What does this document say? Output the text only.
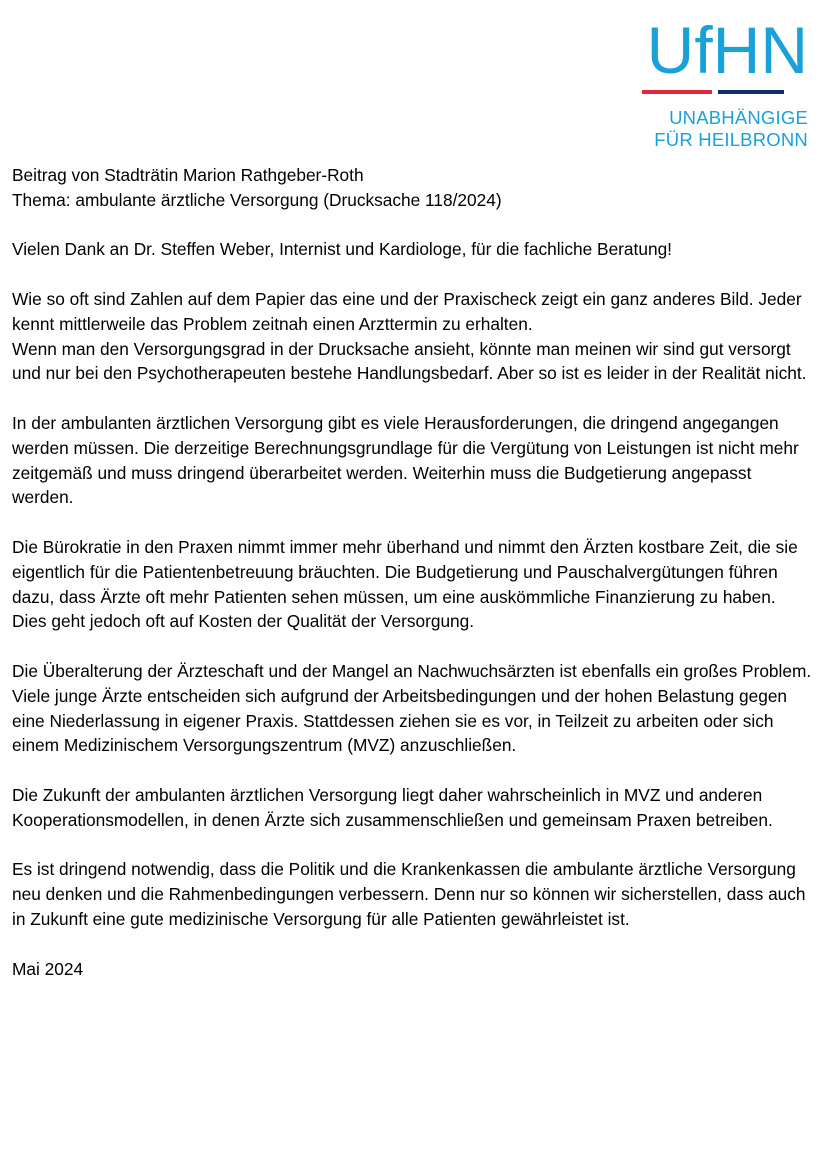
UfHN
UNABHÄNGIGE FÜR HEILBRONN
Beitrag von Stadträtin Marion Rathgeber-Roth
Thema: ambulante ärztliche Versorgung (Drucksache 118/2024)

Vielen Dank an Dr. Steffen Weber, Internist und Kardiologe, für die fachliche Beratung!

Wie so oft sind Zahlen auf dem Papier das eine und der Praxischeck zeigt ein ganz anderes Bild. Jeder kennt mittlerweile das Problem zeitnah einen Arzttermin zu erhalten.
Wenn man den Versorgungsgrad in der Drucksache ansieht, könnte man meinen wir sind gut versorgt und nur bei den Psychotherapeuten bestehe Handlungsbedarf. Aber so ist es leider in der Realität nicht.

In der ambulanten ärztlichen Versorgung gibt es viele Herausforderungen, die dringend angegangen werden müssen. Die derzeitige Berechnungsgrundlage für die Vergütung von Leistungen ist nicht mehr zeitgemäß und muss dringend überarbeitet werden. Weiterhin muss die Budgetierung angepasst werden.

Die Bürokratie in den Praxen nimmt immer mehr überhand und nimmt den Ärzten kostbare Zeit, die sie eigentlich für die Patientenbetreuung bräuchten. Die Budgetierung und Pauschalvergütungen führen dazu, dass Ärzte oft mehr Patienten sehen müssen, um eine auskömmliche Finanzierung zu haben. Dies geht jedoch oft auf Kosten der Qualität der Versorgung.

Die Überalterung der Ärzteschaft und der Mangel an Nachwuchsärzten ist ebenfalls ein großes Problem. Viele junge Ärzte entscheiden sich aufgrund der Arbeitsbedingungen und der hohen Belastung gegen eine Niederlassung in eigener Praxis. Stattdessen ziehen sie es vor, in Teilzeit zu arbeiten oder sich einem Medizinischem Versorgungszentrum (MVZ) anzuschließen.

Die Zukunft der ambulanten ärztlichen Versorgung liegt daher wahrscheinlich in MVZ und anderen Kooperationsmodellen, in denen Ärzte sich zusammenschließen und gemeinsam Praxen betreiben.

Es ist dringend notwendig, dass die Politik und die Krankenkassen die ambulante ärztliche Versorgung neu denken und die Rahmenbedingungen verbessern. Denn nur so können wir sicherstellen, dass auch in Zukunft eine gute medizinische Versorgung für alle Patienten gewährleistet ist.

Mai 2024
